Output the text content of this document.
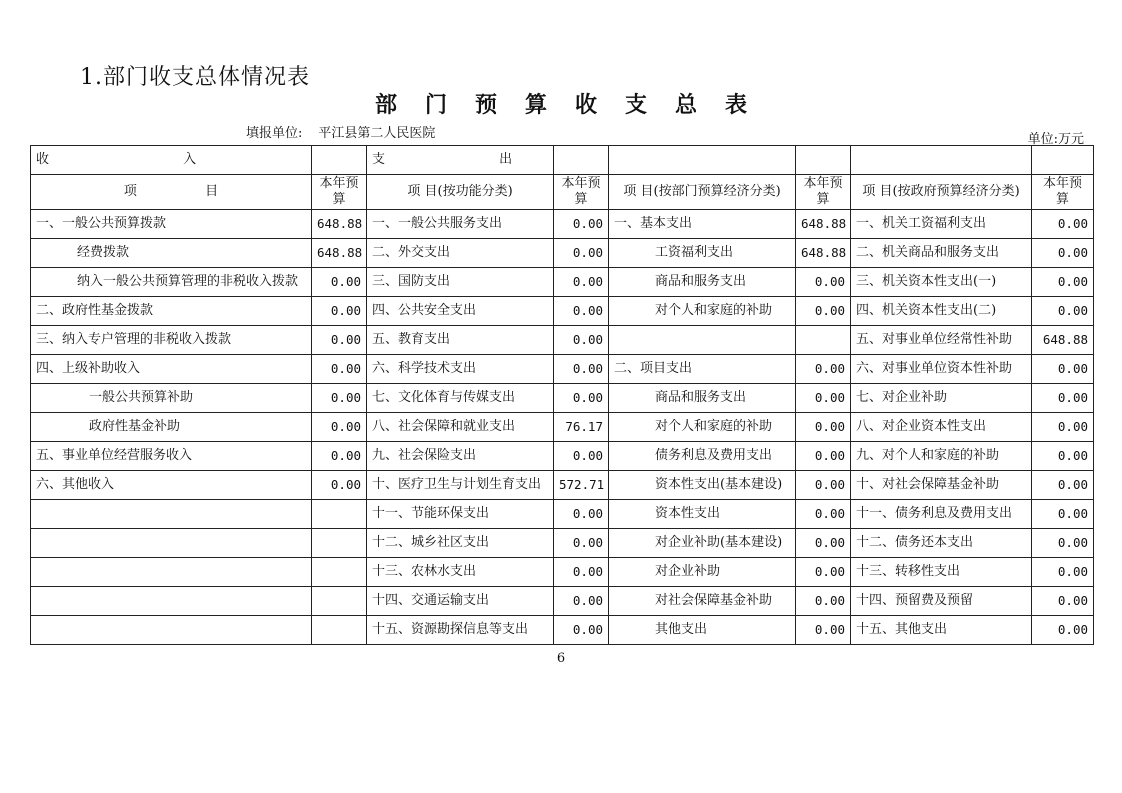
1.部门收支总体情况表
部门预算收支总表
填报单位: 平江县第二人民医院	单位:万元
收 入		支 出					
项 目	本年预算	项 目(按功能分类)	本年预算	项 目(按部门预算经济分类)	本年预算	项 目(按政府预算经济分类)	本年预算
一、一般公共预算拨款	648.88	一、一般公共服务支出	0.00	一、基本支出	648.88	一、机关工资福利支出	0.00
经费拨款	648.88	二、外交支出	0.00	工资福利支出	648.88	二、机关商品和服务支出	0.00
纳入一般公共预算管理的非税收入拨款	0.00	三、国防支出	0.00	商品和服务支出	0.00	三、机关资本性支出(一)	0.00
二、政府性基金拨款	0.00	四、公共安全支出	0.00	对个人和家庭的补助	0.00	四、机关资本性支出(二)	0.00
三、纳入专户管理的非税收入拨款	0.00	五、教育支出	0.00			五、对事业单位经常性补助	648.88
四、上级补助收入	0.00	六、科学技术支出	0.00	二、项目支出	0.00	六、对事业单位资本性补助	0.00
一般公共预算补助	0.00	七、文化体育与传媒支出	0.00	商品和服务支出	0.00	七、对企业补助	0.00
政府性基金补助	0.00	八、社会保障和就业支出	76.17	对个人和家庭的补助	0.00	八、对企业资本性支出	0.00
五、事业单位经营服务收入	0.00	九、社会保险支出	0.00	债务利息及费用支出	0.00	九、对个人和家庭的补助	0.00
六、其他收入	0.00	十、医疗卫生与计划生育支出	572.71	资本性支出(基本建设)	0.00	十、对社会保障基金补助	0.00
		十一、节能环保支出	0.00	资本性支出	0.00	十一、债务利息及费用支出	0.00
		十二、城乡社区支出	0.00	对企业补助(基本建设)	0.00	十二、债务还本支出	0.00
		十三、农林水支出	0.00	对企业补助	0.00	十三、转移性支出	0.00
		十四、交通运输支出	0.00	对社会保障基金补助	0.00	十四、预留费及预留	0.00
		十五、资源勘探信息等支出	0.00	其他支出	0.00	十五、其他支出	0.00
6
